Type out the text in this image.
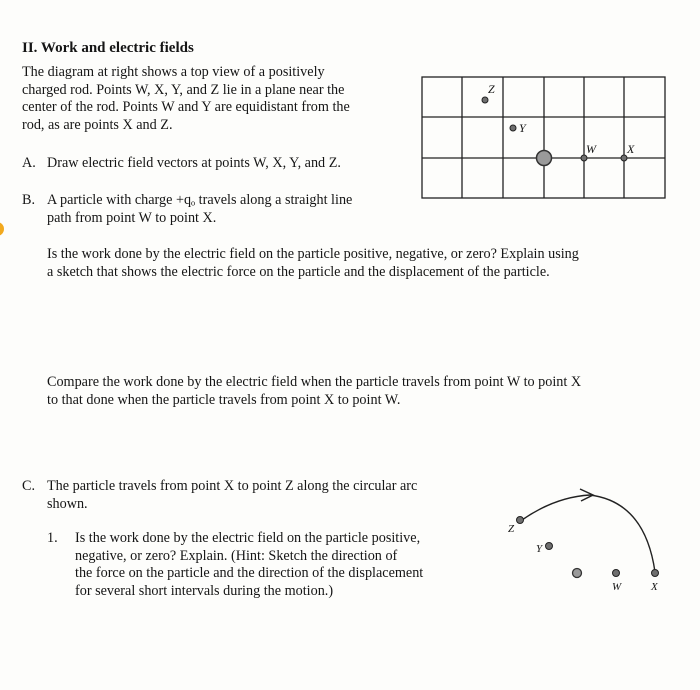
II. Work and electric fields
The diagram at right shows a top view of a positively
charged rod. Points W, X, Y, and Z lie in a plane near the
center of the rod. Points W and Y are equidistant from the
rod, as are points X and Z.
A. Draw electric field vectors at points W, X, Y, and Z.
B. A particle with charge +qₒ travels along a straight line
path from point W to point X.
Is the work done by the electric field on the particle positive, negative, or zero? Explain using
a sketch that shows the electric force on the particle and the displacement of the particle.
Compare the work done by the electric field when the particle travels from point W to point X
to that done when the particle travels from point X to point W.
C. The particle travels from point X to point Z along the circular arc
shown.
1. Is the work done by the electric field on the particle positive,
negative, or zero? Explain. (Hint: Sketch the direction of
the force on the particle and the direction of the displacement
for several short intervals during the motion.)
Z
Y
W	X
Z
Y
W	X
